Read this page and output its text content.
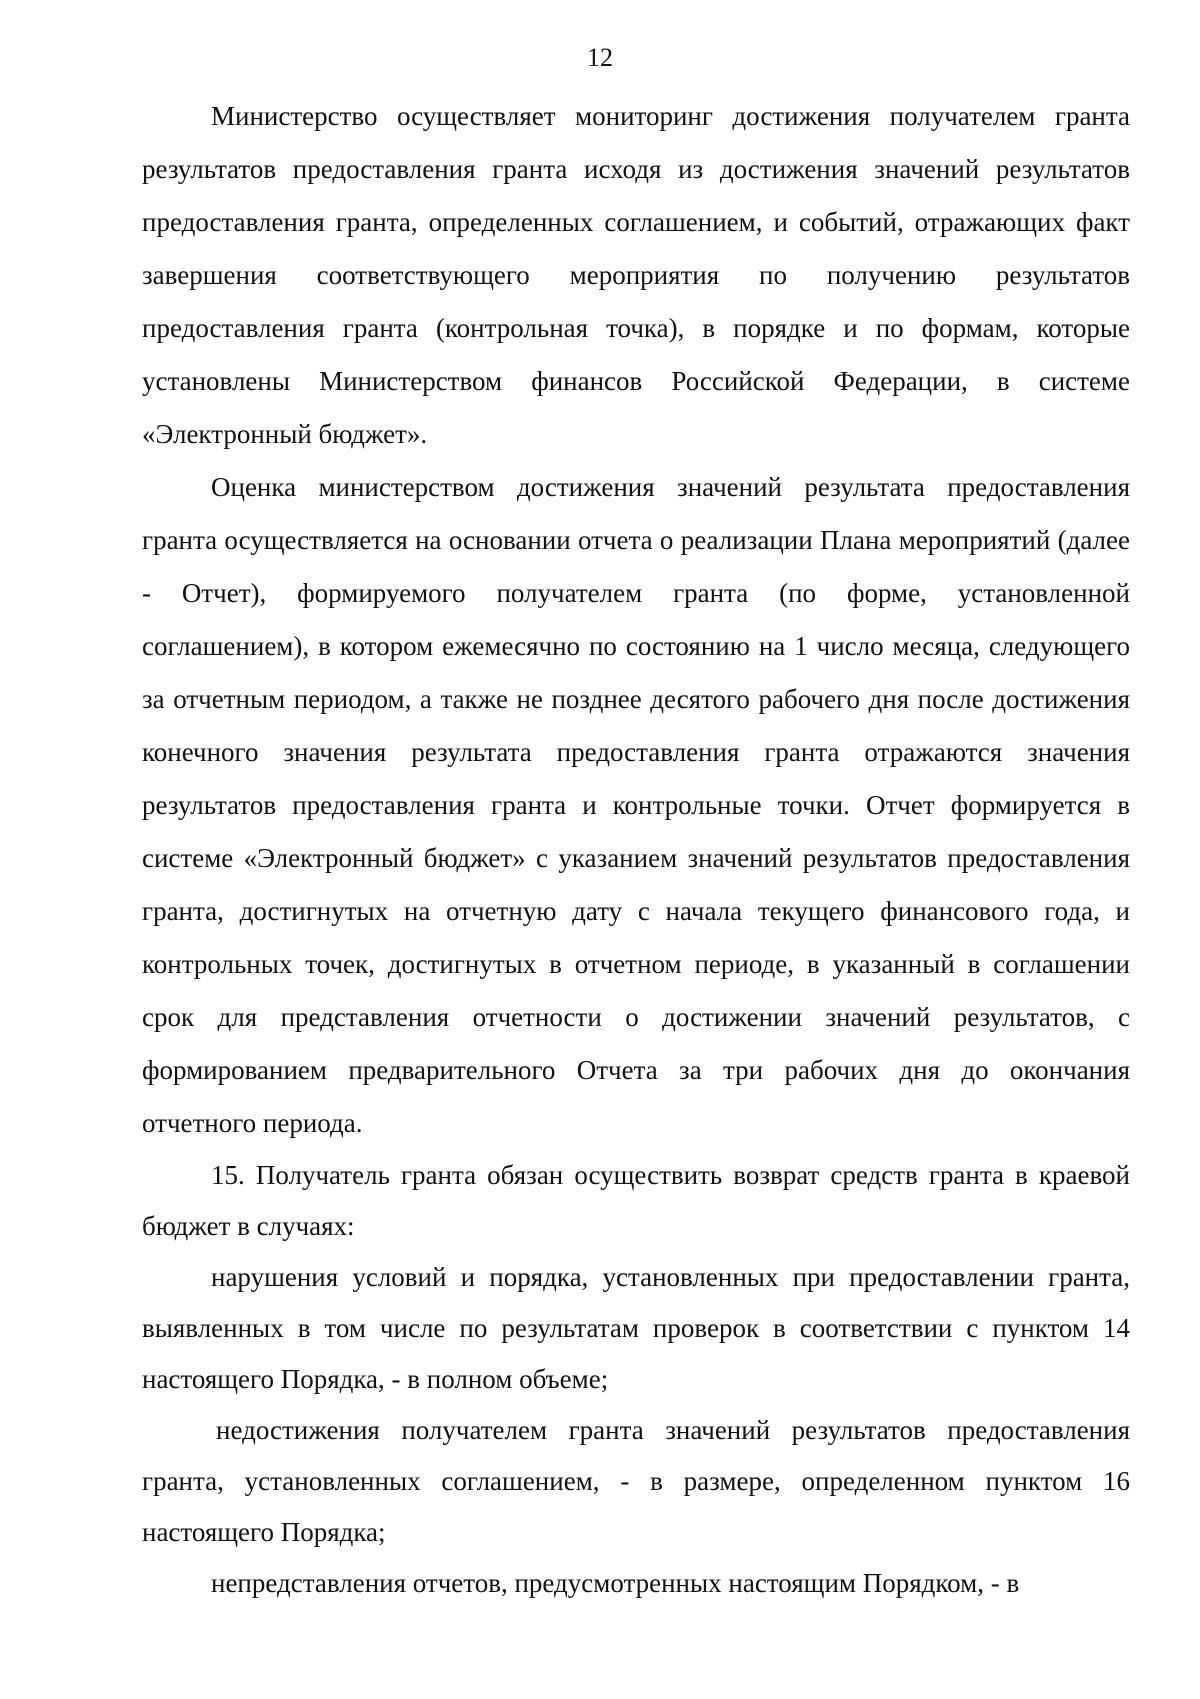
12

Министерство осуществляет мониторинг достижения получателем гранта результатов предоставления гранта исходя из достижения значений результатов предоставления гранта, определенных соглашением, и событий, отражающих факт завершения соответствующего мероприятия по получению результатов предоставления гранта (контрольная точка), в порядке и по формам, которые установлены Министерством финансов Российской Федерации, в системе «Электронный бюджет».

Оценка министерством достижения значений результата предоставления гранта осуществляется на основании отчета о реализации Плана мероприятий (далее - Отчет), формируемого получателем гранта (по форме, установленной соглашением), в котором ежемесячно по состоянию на 1 число месяца, следующего за отчетным периодом, а также не позднее десятого рабочего дня после достижения конечного значения результата предоставления гранта отражаются значения результатов предоставления гранта и контрольные точки. Отчет формируется в системе «Электронный бюджет» с указанием значений результатов предоставления гранта, достигнутых на отчетную дату с начала текущего финансового года, и контрольных точек, достигнутых в отчетном периоде, в указанный в соглашении срок для представления отчетности о достижении значений результатов, с формированием предварительного Отчета за три рабочих дня до окончания отчетного периода.

15. Получатель гранта обязан осуществить возврат средств гранта в краевой бюджет в случаях:

нарушения условий и порядка, установленных при предоставлении гранта, выявленных в том числе по результатам проверок в соответствии с пунктом 14 настоящего Порядка, - в полном объеме;

недостижения получателем гранта значений результатов предоставления гранта, установленных соглашением, - в размере, определенном пунктом 16 настоящего Порядка;

непредставления отчетов, предусмотренных настоящим Порядком, - в
